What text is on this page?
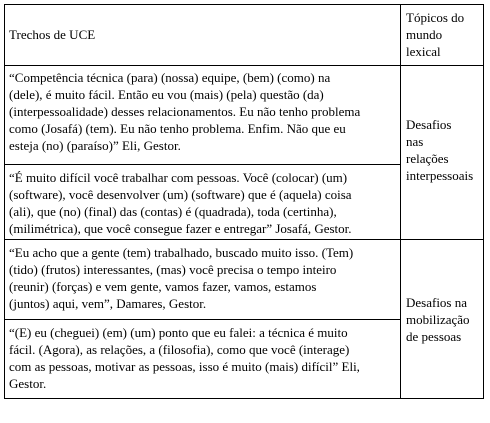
Trechos de UCE
Tópicos do
mundo
lexical
“Competência técnica (para) (nossa) equipe, (bem) (como) na
(dele), é muito fácil. Então eu vou (mais) (pela) questão (da)
(interpessoalidade) desses relacionamentos. Eu não tenho problema
como (Josafá) (tem). Eu não tenho problema. Enfim. Não que eu
esteja (no) (paraíso)” Eli, Gestor.
“É muito difícil você trabalhar com pessoas. Você (colocar) (um)
(software), você desenvolver (um) (software) que é (aquela) coisa
(ali), que (no) (final) das (contas) é (quadrada), toda (certinha),
(milimétrica), que você consegue fazer e entregar” Josafá, Gestor.
Desafios
nas
relações
interpessoais
“Eu acho que a gente (tem) trabalhado, buscado muito isso. (Tem)
(tido) (frutos) interessantes, (mas) você precisa o tempo inteiro
(reunir) (forças) e vem gente, vamos fazer, vamos, estamos
(juntos) aqui, vem”, Damares, Gestor.
“(E) eu (cheguei) (em) (um) ponto que eu falei: a técnica é muito
fácil. (Agora), as relações, a (filosofia), como que você (interage)
com as pessoas, motivar as pessoas, isso é muito (mais) difícil” Eli,
Gestor.
Desafios na
mobilização
de pessoas
